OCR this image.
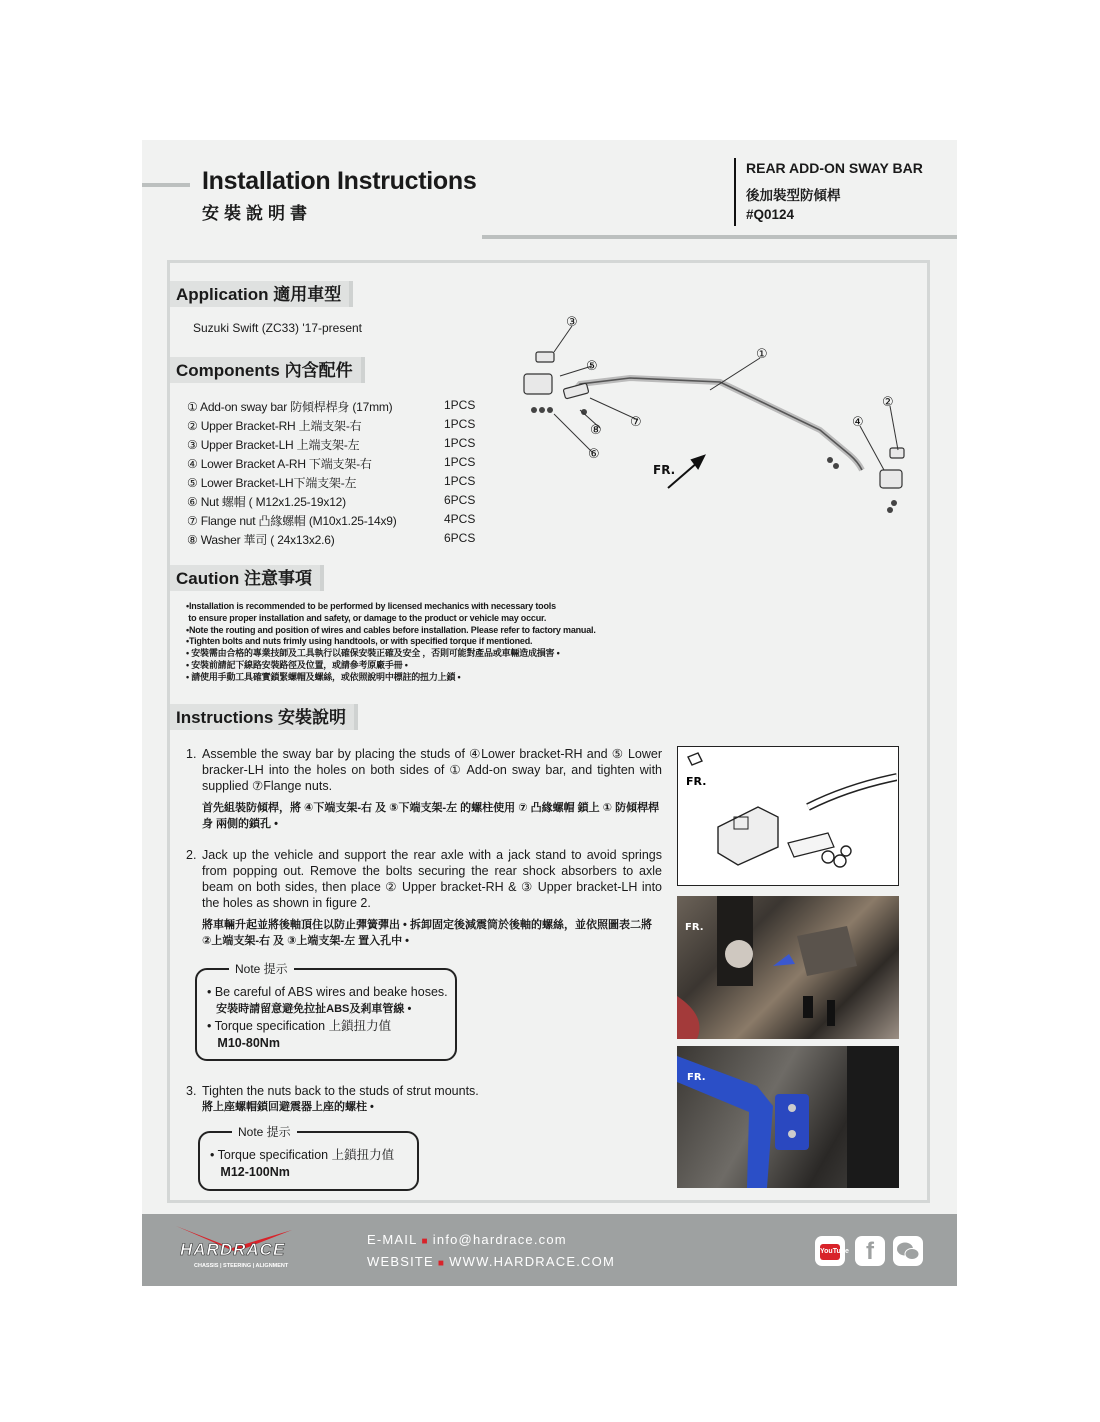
Installation Instructions
安裝說明書
REAR ADD-ON SWAY BAR
後加裝型防傾桿
#Q0124
Application 適用車型
Suzuki Swift (ZC33) '17-present
Components 內含配件
① Add-on sway bar 防傾桿桿身 (17mm)	1PCS
② Upper Bracket-RH 上端支架-右	1PCS
③ Upper Bracket-LH 上端支架-左	1PCS
④ Lower Bracket A-RH 下端支架-右	1PCS
⑤ Lower Bracket-LH下端支架-左	1PCS
⑥ Nut 螺帽 ( M12x1.25-19x12)	6PCS
⑦ Flange nut 凸緣螺帽 (M10x1.25-14x9)	4PCS
⑧ Washer 華司 ( 24x13x2.6)	6PCS
③
⑤
⑧
⑦
⑥
①
②
④
FR.
Caution 注意事項
•Installation is recommended to be performed by licensed mechanics with necessary tools
to ensure proper installation and safety, or damage to the product or vehicle may occur.
•Note the routing and position of wires and cables before installation. Please refer to factory manual.
•Tighten bolts and nuts frimly using handtools, or with specified torque if mentioned.
• 安裝需由合格的專業技師及工具執行以確保安裝正確及安全 ，否則可能對產品或車輛造成損害 •
• 安裝前請記下線路安裝路徑及位置，或請參考原廠手冊 •
• 請使用手動工具確實鎖緊螺帽及螺絲，或依照說明中標註的扭力上鎖 •
Instructions 安裝說明
1. Assemble the sway bar by placing the studs of ④Lower bracket-RH and ⑤ Lower bracker-LH into the holes on both sides of ① Add-on sway bar, and tighten with supplied ⑦Flange nuts.
首先組裝防傾桿，將 ④下端支架-右 及 ⑤下端支架-左 的螺柱使用 ⑦ 凸緣螺帽 鎖上 ① 防傾桿桿身 兩側的鎖孔 •
2. Jack up the vehicle and support the rear axle with a jack stand to avoid springs from popping out. Remove the bolts securing the rear shock absorbers to axle beam on both sides, then place ② Upper bracket-RH & ③ Upper bracket-LH into the holes as shown in figure 2.
將車輛升起並將後軸頂住以防止彈簧彈出 • 拆卸固定後減震筒於後軸的螺絲，並依照圖表二將 ②上端支架-右 及 ③上端支架-左 置入孔中 •
Note 提示
• Be careful of ABS wires and beake hoses.
安裝時請留意避免拉扯ABS及剎車管線 •
• Torque specification 上鎖扭力值
M10-80Nm
3. Tighten the nuts back to the studs of strut mounts.
將上座螺帽鎖回避震器上座的螺柱 •
Note 提示
• Torque specification 上鎖扭力值
M12-100Nm
FR.
FR.
FR.
HARDRACE
CHASSIS | STEERING | ALIGNMENT
E-MAIL ■ info@hardrace.com
WEBSITE ■ WWW.HARDRACE.COM
YouTube f
